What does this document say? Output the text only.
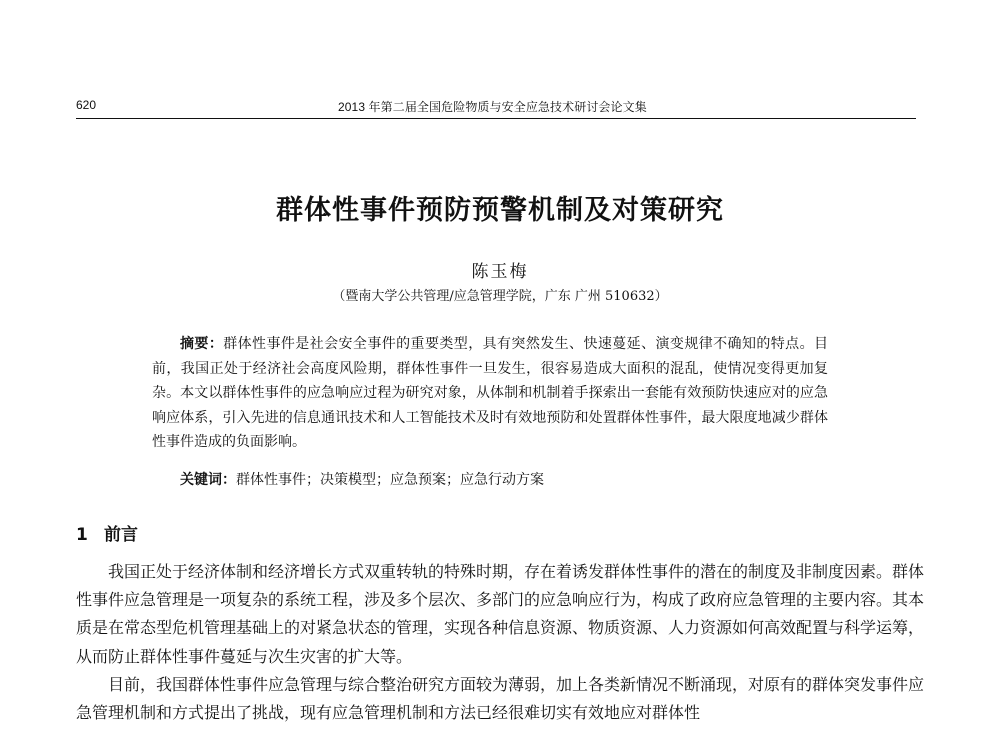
620	2013 年第二届全国危险物质与安全应急技术研讨会论文集
群体性事件预防预警机制及对策研究
陈玉梅
（暨南大学公共管理/应急管理学院，广东 广州 510632）
摘要：群体性事件是社会安全事件的重要类型，具有突然发生、快速蔓延、演变规律不确知的特点。目前，我国正处于经济社会高度风险期，群体性事件一旦发生，很容易造成大面积的混乱，使情况变得更加复杂。本文以群体性事件的应急响应过程为研究对象，从体制和机制着手探索出一套能有效预防快速应对的应急响应体系，引入先进的信息通讯技术和人工智能技术及时有效地预防和处置群体性事件，最大限度地减少群体性事件造成的负面影响。
关键词：群体性事件；决策模型；应急预案；应急行动方案
1 前言

我国正处于经济体制和经济增长方式双重转轨的特殊时期，存在着诱发群体性事件的潜在的制度及非制度因素。群体性事件应急管理是一项复杂的系统工程，涉及多个层次、多部门的应急响应行为，构成了政府应急管理的主要内容。其本质是在常态型危机管理基础上的对紧急状态的管理，实现各种信息资源、物质资源、人力资源如何高效配置与科学运筹，从而防止群体性事件蔓延与次生灾害的扩大等。

目前，我国群体性事件应急管理与综合整治研究方面较为薄弱，加上各类新情况不断涌现，对原有的群体突发事件应急管理机制和方式提出了挑战，现有应急管理机制和方法已经很难切实有效地应对群体性
